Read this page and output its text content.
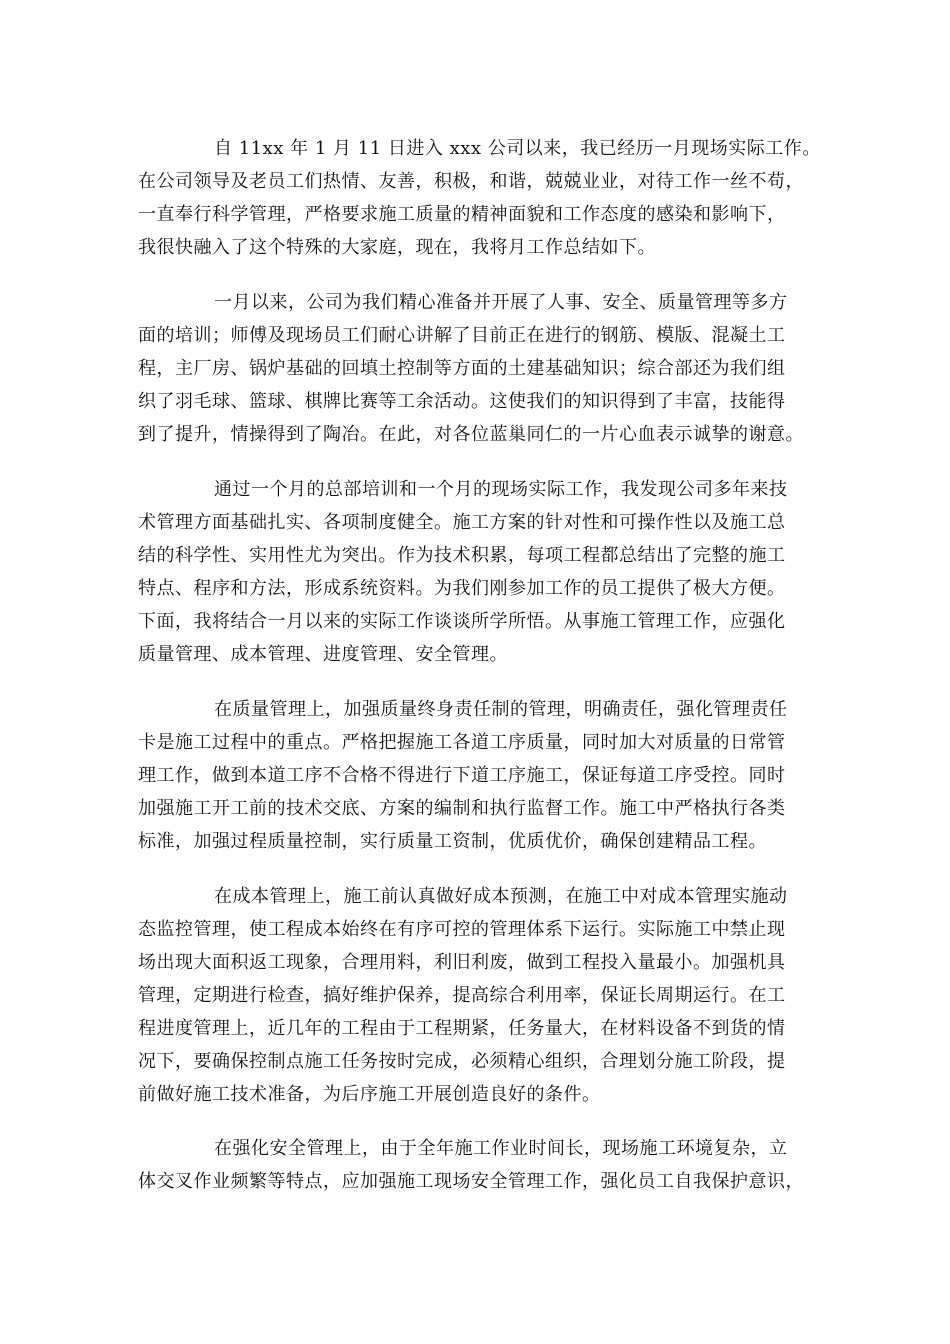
自 11xx 年 1 月 11 日进入 xxx 公司以来，我已经历一月现场实际工作。
在公司领导及老员工们热情、友善，积极，和谐，兢兢业业，对待工作一丝不苟，
一直奉行科学管理，严格要求施工质量的精神面貌和工作态度的感染和影响下，
我很快融入了这个特殊的大家庭，现在，我将月工作总结如下。
一月以来，公司为我们精心准备并开展了人事、安全、质量管理等多方
面的培训；师傅及现场员工们耐心讲解了目前正在进行的钢筋、模版、混凝土工
程，主厂房、锅炉基础的回填土控制等方面的土建基础知识；综合部还为我们组
织了羽毛球、篮球、棋牌比赛等工余活动。这使我们的知识得到了丰富，技能得
到了提升，情操得到了陶冶。在此，对各位蓝巢同仁的一片心血表示诚挚的谢意。
通过一个月的总部培训和一个月的现场实际工作，我发现公司多年来技
术管理方面基础扎实、各项制度健全。施工方案的针对性和可操作性以及施工总
结的科学性、实用性尤为突出。作为技术积累，每项工程都总结出了完整的施工
特点、程序和方法，形成系统资料。为我们刚参加工作的员工提供了极大方便。
下面，我将结合一月以来的实际工作谈谈所学所悟。从事施工管理工作，应强化
质量管理、成本管理、进度管理、安全管理。
在质量管理上，加强质量终身责任制的管理，明确责任，强化管理责任
卡是施工过程中的重点。严格把握施工各道工序质量，同时加大对质量的日常管
理工作，做到本道工序不合格不得进行下道工序施工，保证每道工序受控。同时
加强施工开工前的技术交底、方案的编制和执行监督工作。施工中严格执行各类
标准，加强过程质量控制，实行质量工资制，优质优价，确保创建精品工程。
在成本管理上，施工前认真做好成本预测，在施工中对成本管理实施动
态监控管理，使工程成本始终在有序可控的管理体系下运行。实际施工中禁止现
场出现大面积返工现象，合理用料，利旧利废，做到工程投入量最小。加强机具
管理，定期进行检查，搞好维护保养，提高综合利用率，保证长周期运行。在工
程进度管理上，近几年的工程由于工程期紧，任务量大，在材料设备不到货的情
况下，要确保控制点施工任务按时完成，必须精心组织，合理划分施工阶段，提
前做好施工技术准备，为后序施工开展创造良好的条件。
在强化安全管理上，由于全年施工作业时间长，现场施工环境复杂，立
体交叉作业频繁等特点，应加强施工现场安全管理工作，强化员工自我保护意识，
